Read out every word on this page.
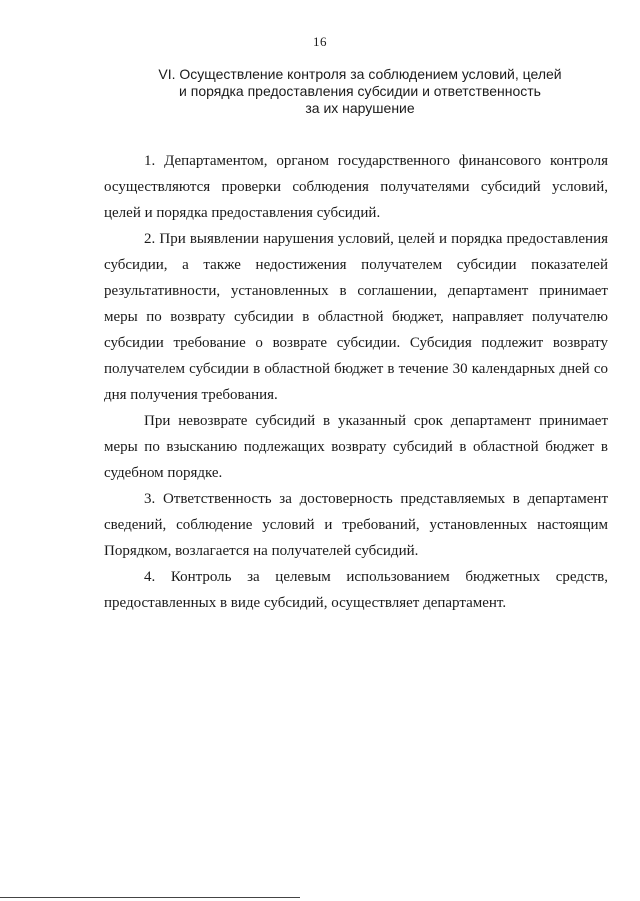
16
VI. Осуществление контроля за соблюдением условий, целей
и порядка предоставления субсидии и ответственность
за их нарушение

1. Департаментом, органом государственного финансового контроля осуществляются проверки соблюдения получателями субсидий условий, целей и порядка предоставления субсидий.

2. При выявлении нарушения условий, целей и порядка предоставления субсидии, а также недостижения получателем субсидии показателей результативности, установленных в соглашении, департамент принимает меры по возврату субсидии в областной бюджет, направляет получателю субсидии требование о возврате субсидии. Субсидия подлежит возврату получателем субсидии в областной бюджет в течение 30 календарных дней со дня получения требования.

При невозврате субсидий в указанный срок департамент принимает меры по взысканию подлежащих возврату субсидий в областной бюджет в судебном порядке.

3. Ответственность за достоверность представляемых в департамент сведений, соблюдение условий и требований, установленных настоящим Порядком, возлагается на получателей субсидий.

4. Контроль за целевым использованием бюджетных средств, предоставленных в виде субсидий, осуществляет департамент.
